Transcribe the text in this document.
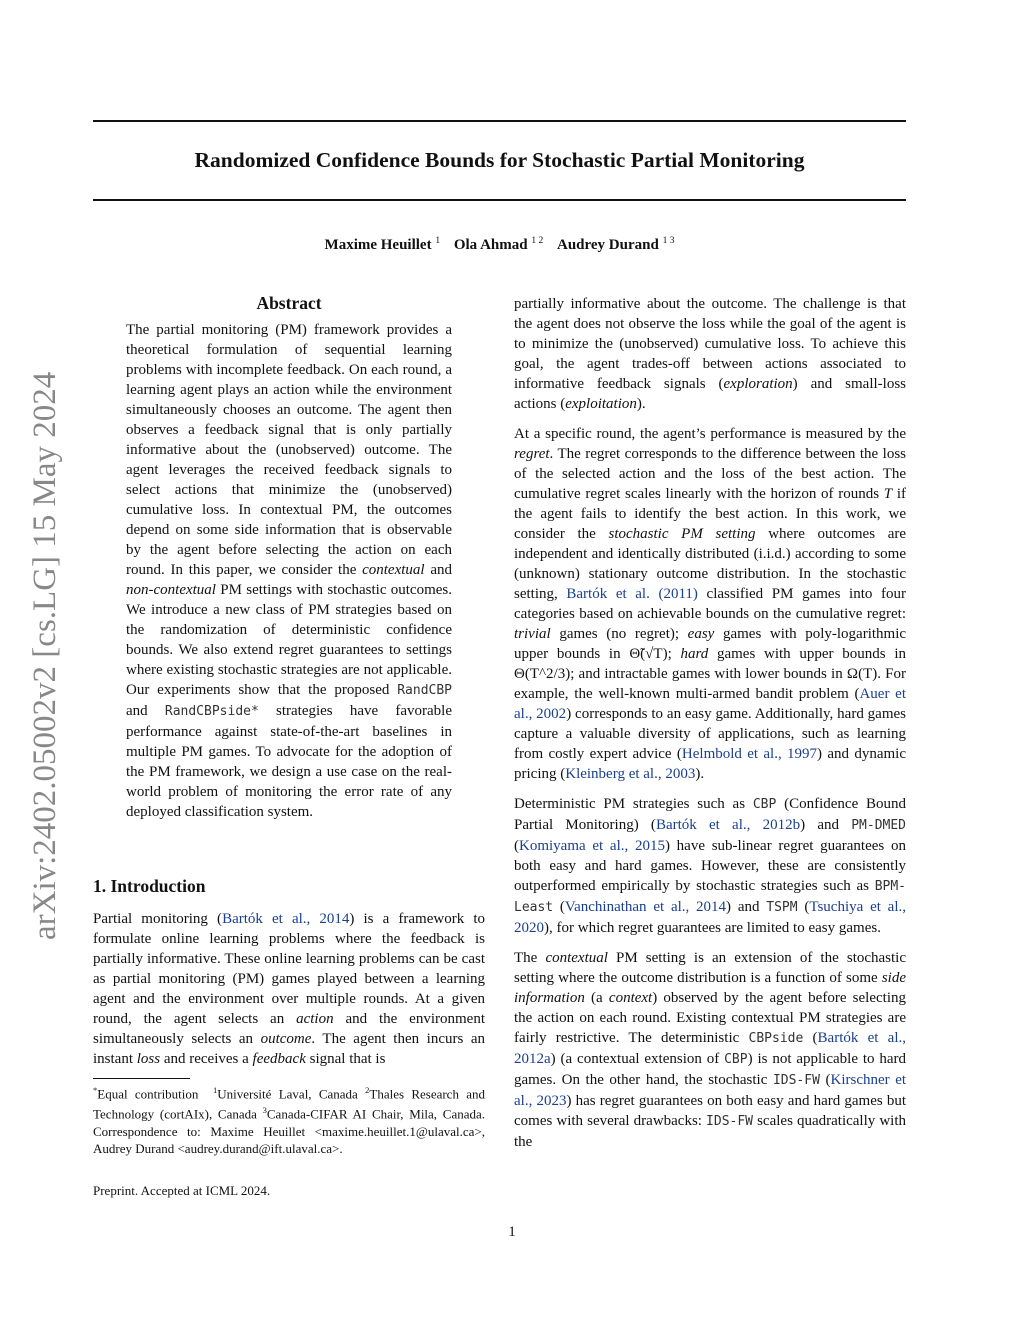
arXiv:2402.05002v2 [cs.LG] 15 May 2024
Randomized Confidence Bounds for Stochastic Partial Monitoring
Maxime Heuillet $^1$ Ola Ahmad $^{1 2}$ Audrey Durand $^{1 3}$
Abstract

The partial monitoring (PM) framework provides a theoretical formulation of sequential learning problems with incomplete feedback. On each round, a learning agent plays an action while the environment simultaneously chooses an outcome. The agent then observes a feedback signal that is only partially informative about the (unobserved) outcome. The agent leverages the received feedback signals to select actions that minimize the (unobserved) cumulative loss. In contextual PM, the outcomes depend on some side information that is observable by the agent before selecting the action on each round. In this paper, we consider the contextual and non-contextual PM settings with stochastic outcomes. We introduce a new class of PM strategies based on the randomization of deterministic confidence bounds. We also extend regret guarantees to settings where existing stochastic strategies are not applicable. Our experiments show that the proposed RandCBP and RandCBPside* strategies have favorable performance against state-of-the-art baselines in multiple PM games. To advocate for the adoption of the PM framework, we design a use case on the real-world problem of monitoring the error rate of any deployed classification system.

1. Introduction

Partial monitoring (Bartók et al., 2014) is a framework to formulate online learning problems where the feedback is partially informative. These online learning problems can be cast as partial monitoring (PM) games played between a learning agent and the environment over multiple rounds. At a given round, the agent selects an action and the environment simultaneously selects an outcome. The agent then incurs an instant loss and receives a feedback signal that is

*Equal contribution $^1$Université Laval, Canada $^2$Thales Research and Technology (cortAIx), Canada $^3$Canada-CIFAR AI Chair, Mila, Canada. Correspondence to: Maxime Heuillet <maxime.heuillet.1@ulaval.ca>, Audrey Durand <audrey.durand@ift.ulaval.ca>.
Preprint. Accepted at ICML 2024.

partially informative about the outcome. The challenge is that the agent does not observe the loss while the goal of the agent is to minimize the (unobserved) cumulative loss. To achieve this goal, the agent trades-off between actions associated to informative feedback signals (exploration) and small-loss actions (exploitation).

At a specific round, the agent’s performance is measured by the regret. The regret corresponds to the difference between the loss of the selected action and the loss of the best action. The cumulative regret scales linearly with the horizon of rounds T if the agent fails to identify the best action. In this work, we consider the stochastic PM setting where outcomes are independent and identically distributed (i.i.d.) according to some (unknown) stationary outcome distribution. In the stochastic setting, Bartók et al. (2011) classified PM games into four categories based on achievable bounds on the cumulative regret: trivial games (no regret); easy games with poly-logarithmic upper bounds in Θ̃(√T); hard games with upper bounds in Θ(T^2/3); and intractable games with lower bounds in Ω(T). For example, the well-known multi-armed bandit problem (Auer et al., 2002) corresponds to an easy game. Additionally, hard games capture a valuable diversity of applications, such as learning from costly expert advice (Helmbold et al., 1997) and dynamic pricing (Kleinberg et al., 2003).

Deterministic PM strategies such as CBP (Confidence Bound Partial Monitoring) (Bartók et al., 2012b) and PM-DMED (Komiyama et al., 2015) have sub-linear regret guarantees on both easy and hard games. However, these are consistently outperformed empirically by stochastic strategies such as BPM-Least (Vanchinathan et al., 2014) and TSPM (Tsuchiya et al., 2020), for which regret guarantees are limited to easy games.

The contextual PM setting is an extension of the stochastic setting where the outcome distribution is a function of some side information (a context) observed by the agent before selecting the action on each round. Existing contextual PM strategies are fairly restrictive. The deterministic CBPside (Bartók et al., 2012a) (a contextual extension of CBP) is not applicable to hard games. On the other hand, the stochastic IDS-FW (Kirschner et al., 2023) has regret guarantees on both easy and hard games but comes with several drawbacks: IDS-FW scales quadratically with the

1
